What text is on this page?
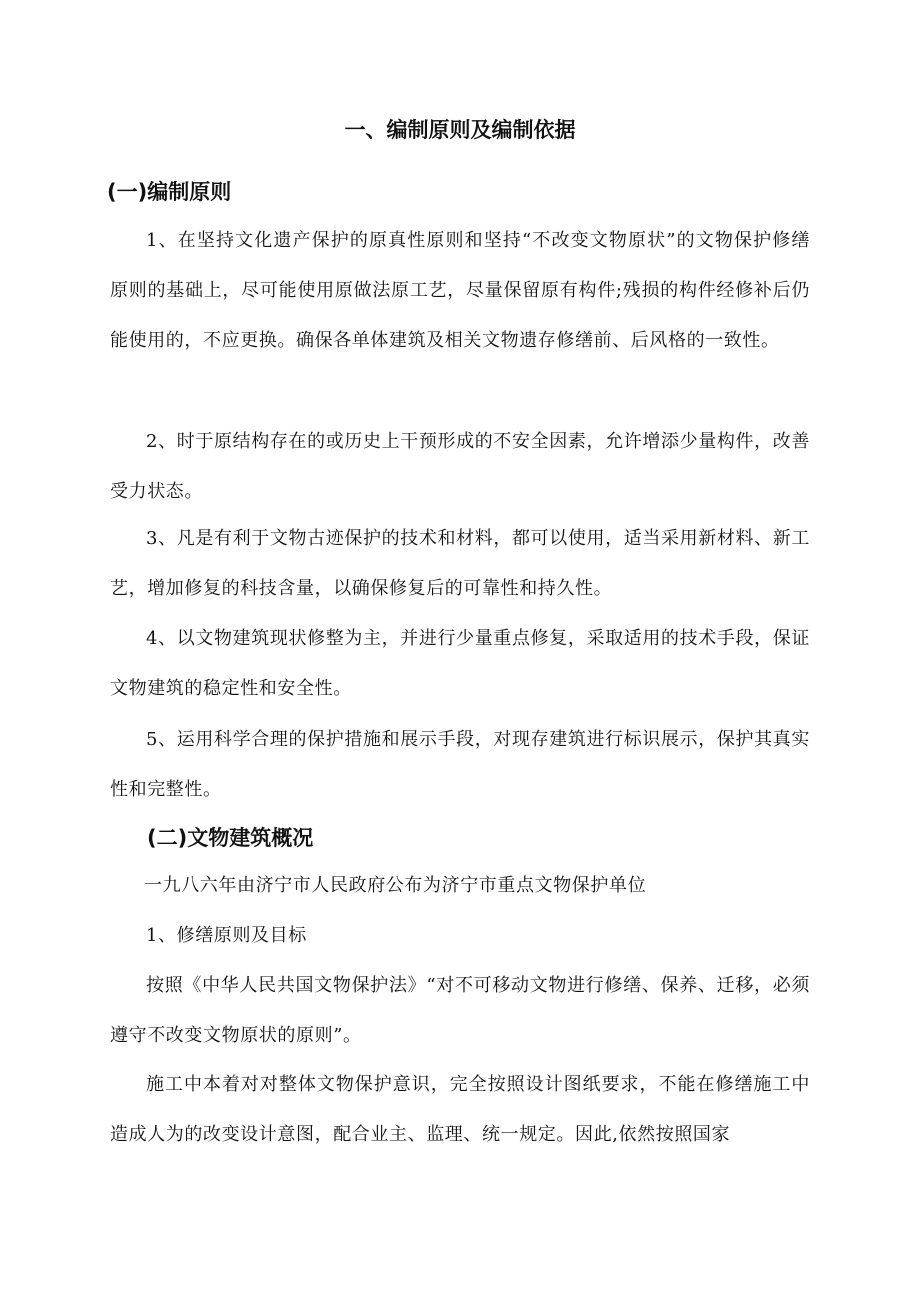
一、编制原则及编制依据
(一)编制原则

1、在坚持文化遗产保护的原真性原则和坚持“不改变文物原状”的文物保护修缮原则的基础上，尽可能使用原做法原工艺，尽量保留原有构件;残损的构件经修补后仍能使用的，不应更换。确保各单体建筑及相关文物遗存修缮前、后风格的一致性。

2、时于原结构存在的或历史上干预形成的不安全因素，允许增添少量构件，改善受力状态。

3、凡是有利于文物古迹保护的技术和材料，都可以使用，适当采用新材料、新工艺，增加修复的科技含量，以确保修复后的可靠性和持久性。

4、以文物建筑现状修整为主，并进行少量重点修复，采取适用的技术手段，保证文物建筑的稳定性和安全性。

5、运用科学合理的保护措施和展示手段，对现存建筑进行标识展示，保护其真实性和完整性。

(二)文物建筑概况

一九八六年由济宁市人民政府公布为济宁市重点文物保护单位

1、修缮原则及目标

按照《中华人民共国文物保护法》“对不可移动文物进行修缮、保养、迁移，必须遵守不改变文物原状的原则”。

施工中本着对对整体文物保护意识，完全按照设计图纸要求，不能在修缮施工中造成人为的改变设计意图，配合业主、监理、统一规定。因此,依然按照国家
